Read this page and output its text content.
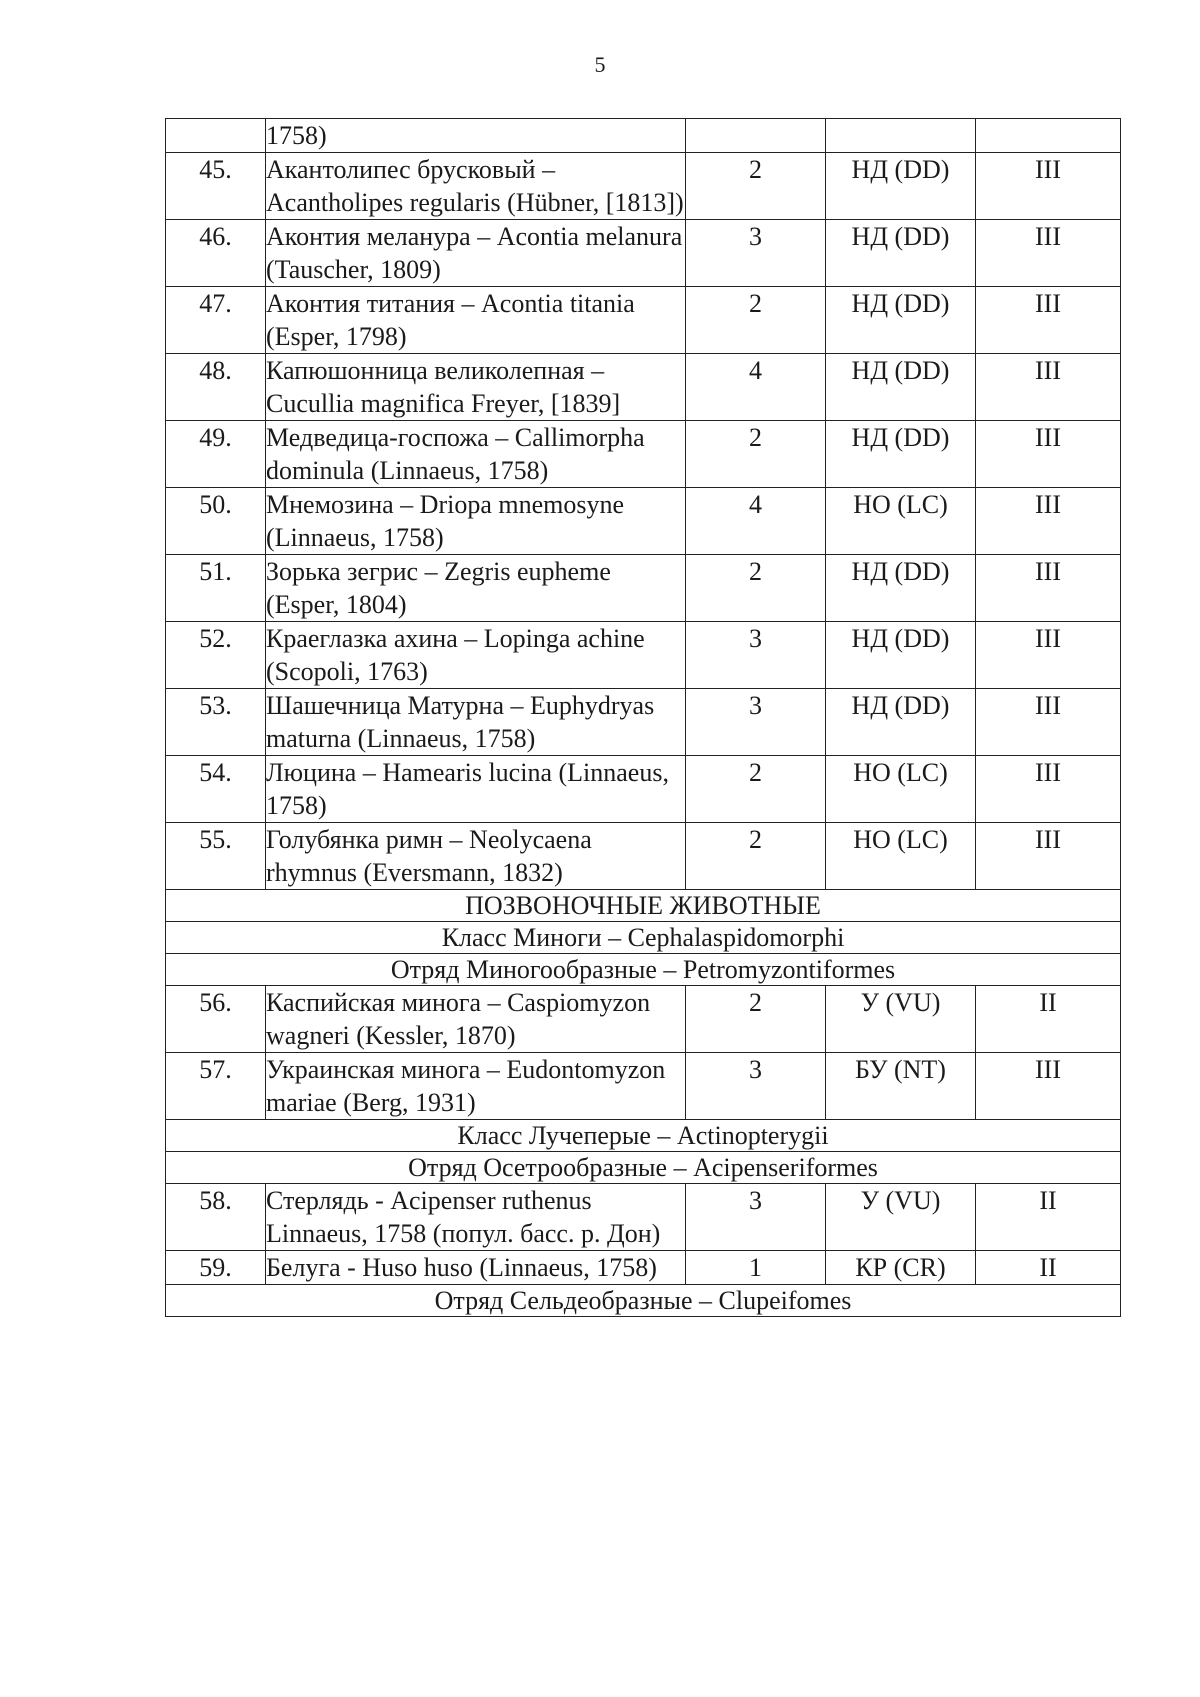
5
	1758)			
45.	Акантолипес брусковый – Acantholipes regularis (Hübner, [1813])	2	НД (DD)	III
46.	Аконтия меланура – Acontia melanura (Tauscher, 1809)	3	НД (DD)	III
47.	Аконтия титания – Acontia titania (Esper, 1798)	2	НД (DD)	III
48.	Капюшонница великолепная – Cucullia magnifica Freyer, [1839]	4	НД (DD)	III
49.	Медведица-госпожа – Callimorpha dominula (Linnaeus, 1758)	2	НД (DD)	III
50.	Мнемозина – Driopa mnemosyne (Linnaeus, 1758)	4	НО (LC)	III
51.	Зорька зегрис – Zegris eupheme (Esper, 1804)	2	НД (DD)	III
52.	Краеглазка ахина – Lopinga achine (Scopoli, 1763)	3	НД (DD)	III
53.	Шашечница Матурна – Euphydryas maturna (Linnaeus, 1758)	3	НД (DD)	III
54.	Люцина – Hamearis lucina (Linnaeus, 1758)	2	НО (LC)	III
55.	Голубянка римн – Neolycaena rhymnus (Eversmann, 1832)	2	НО (LC)	III
ПОЗВОНОЧНЫЕ ЖИВОТНЫЕ				
Класс Миноги – Cephalaspidomorphi				
Отряд Миногообразные – Petromyzontiformes				
56.	Каспийская минога – Caspiomyzon wagneri (Kessler, 1870)	2	У (VU)	II
57.	Украинская минога – Eudontomyzon mariae (Berg, 1931)	3	БУ (NT)	III
Класс Лучеперые – Actinopterygii				
Отряд Осетрообразные – Acipenseriformes				
58.	Стерлядь - Acipenser ruthenus Linnaeus, 1758 (попул. басс. р. Дон)	3	У (VU)	II
59.	Белуга - Huso huso (Linnaeus, 1758)	1	КР (CR)	II
Отряд Сельдеобразные – Clupeifomes				
